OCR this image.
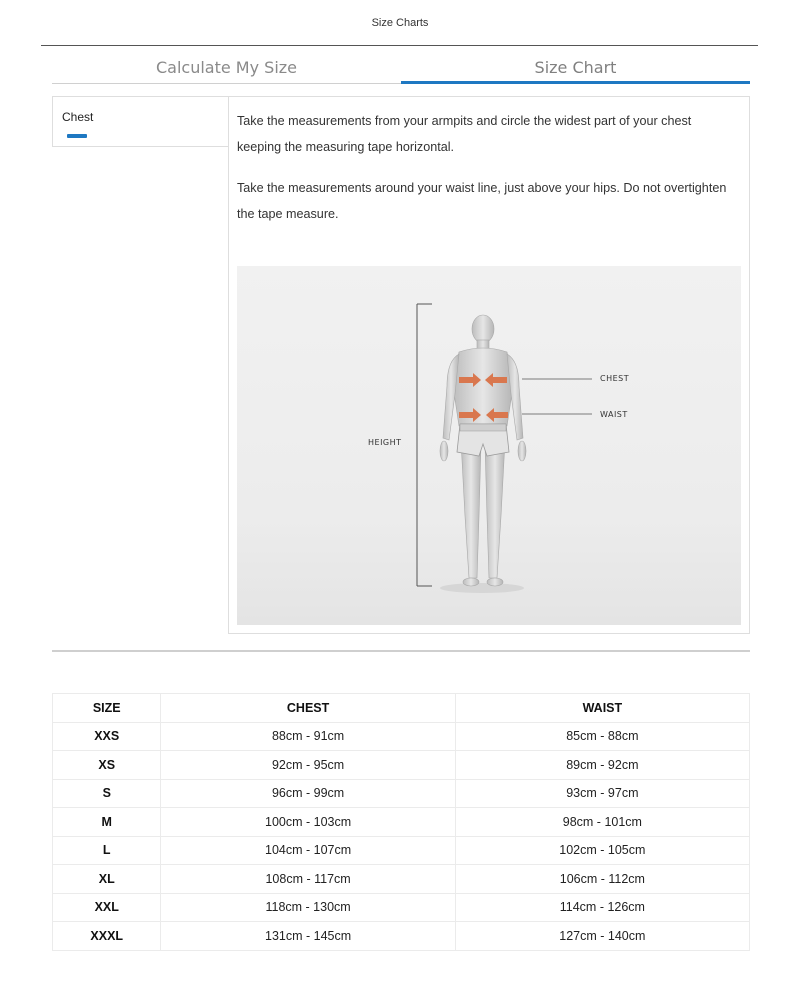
Size Charts
Calculate My Size	Size Chart
Chest	Take the measurements from your armpits and circle the widest part of your chest keeping the measuring tape horizontal.
Take the measurements around your waist line, just above your hips. Do not overtighten the tape measure.
CHEST
WAIST
HEIGHT
SIZE	CHEST	WAIST
XXS	88cm - 91cm	85cm - 88cm
XS	92cm - 95cm	89cm - 92cm
S	96cm - 99cm	93cm - 97cm
M	100cm - 103cm	98cm - 101cm
L	104cm - 107cm	102cm - 105cm
XL	108cm - 117cm	106cm - 112cm
XXL	118cm - 130cm	114cm - 126cm
XXXL	131cm - 145cm	127cm - 140cm
